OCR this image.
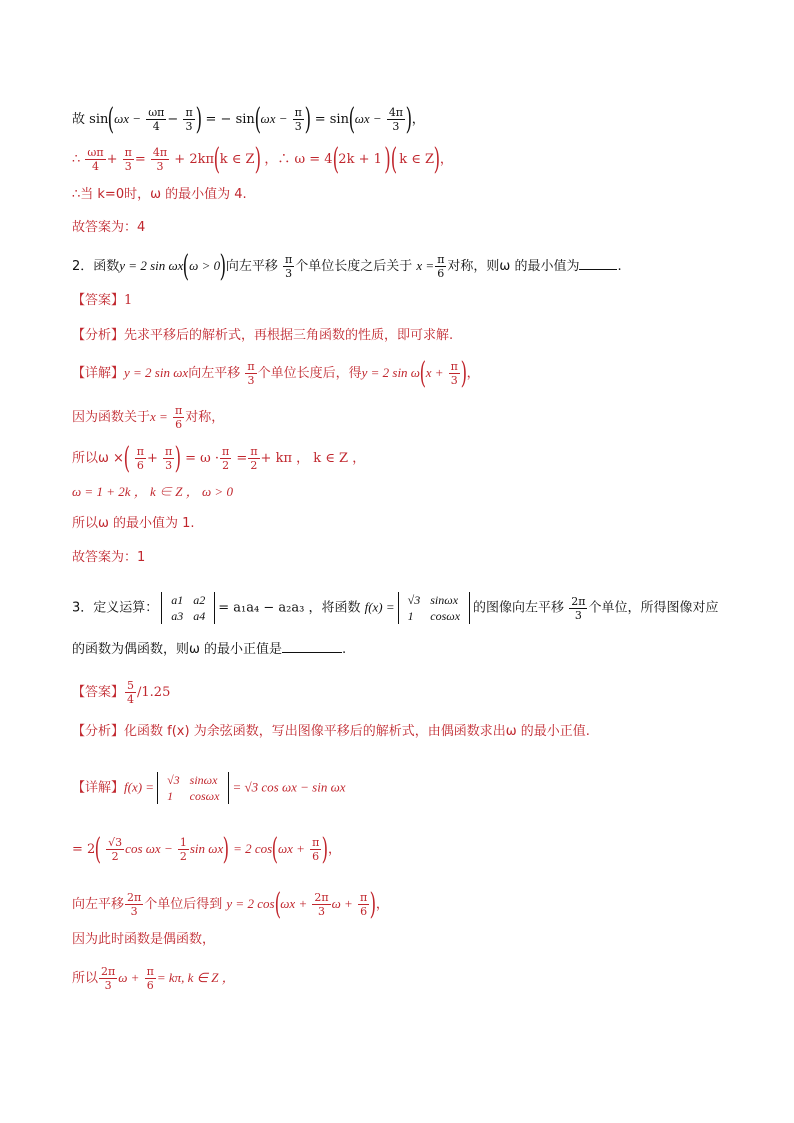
故 $\sin(\omega x - \frac{\omega\pi}{4} - \frac{\pi}{3}$ ) = − $\sin(\omega x - \frac{\pi}{3}$ ) = $\sin(\omega x - \frac{4\pi}{3}$ )，
∴ $\frac{\omega\pi}{4} + \frac{\pi}{3} = \frac{4\pi}{3} + 2k\pi(k$ ∈ Z) ，∴ ω = 4(2k + 1)( k ∈ Z)，
∴当 k=0时，ω 的最小值为 4.
故答案为：4
2．函数y = 2 sin ωx(ω > 0)向左平移 $\frac{\pi}{3}$ 个单位长度之后关于 $x = \frac{\pi}{6}$ 对称，则ω 的最小值为	.
【答案】1
【分析】先求平移后的解析式，再根据三角函数的性质，即可求解.
【详解】y = 2 sin ωx向左平移 $\frac{\pi}{3}$ 个单位长度后，得y = 2 $\sin \omega(x + \frac{\pi}{3}$ )，
因为函数关于$x = \frac{\pi}{6}$ 对称，
所以ω ×( $\frac{\pi}{6} + \frac{\pi}{3}$ ) = $\omega \cdot \frac{\pi}{2} = \frac{\pi}{2} + k\pi$ ， k ∈ Z ，
ω = 1 + 2k ， k ∈ Z ， ω > 0
所以ω 的最小值为 1.
故答案为：1
3．定义运算：
a1	a2
a3	a4
= a₁a₄ − a₂a₃ ，将函数 f(x) = √3	sinωx
1	cosωx
的图像向左平移 $\frac{2\pi}{3}$ 个单位，所得图像对应
的函数为偶函数，则ω 的最小正值是	.
【答案】 $\frac{5}{4} /1.25$
【分析】化函数 f(x) 为余弦函数，写出图像平移后的解析式，由偶函数求出ω 的最小正值.
【详解】f(x) = √3	sinωx
1	cosωx
= √3 cos ωx − sin ωx
= $2( \frac{√3}{2}$ $\cos \omega x - \frac{1}{2}$ sin ωx) = 2 $\cos(\omega x + \frac{\pi}{6}$ )，
向左平移 $\frac{2\pi}{3}$ 个单位后得到 y = 2 $\cos(\omega x + \frac{2\pi}{3}$ $\omega + \frac{\pi}{6}$ )，
因为此时函数是偶函数，
所以 $\frac{2\pi}{3}$ $\omega + \frac{\pi}{6} = k\pi$, k ∈ Z ，
